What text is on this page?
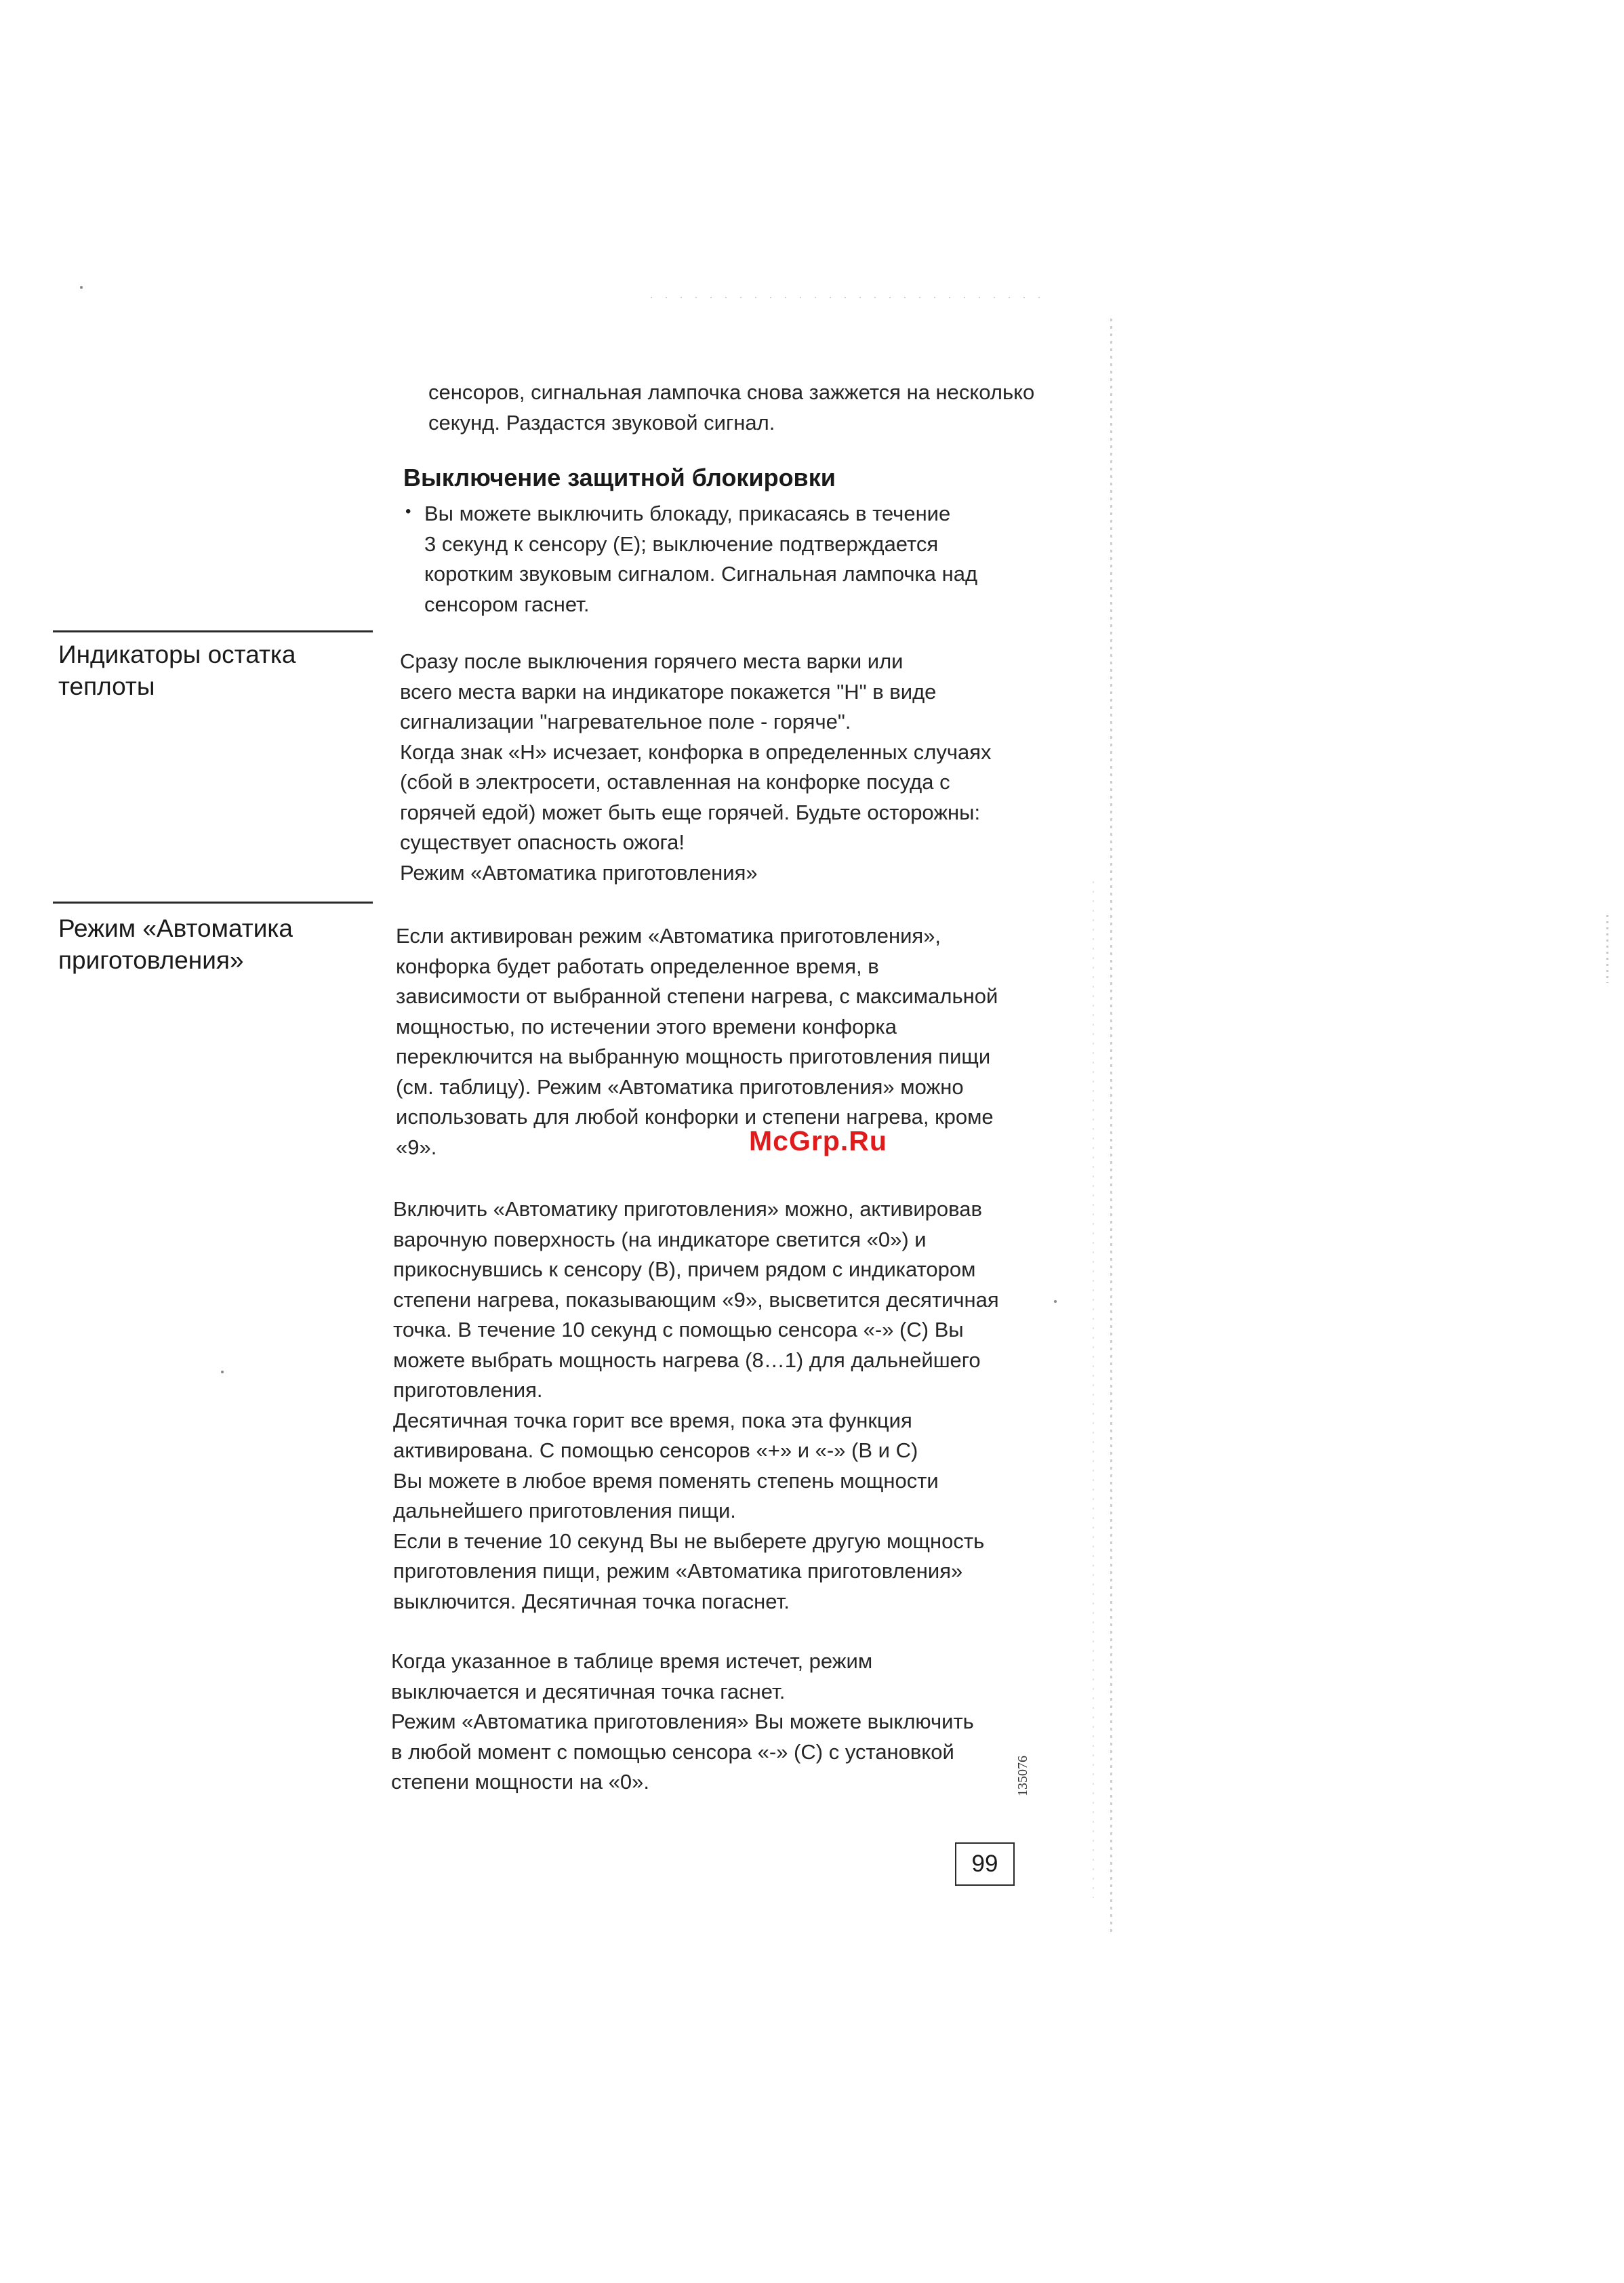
сенсоров, сигнальная лампочка снова зажжется на несколько
секунд. Раздастся звуковой сигнал.

Выключение защитной блокировки
• Вы можете выключить блокаду, прикасаясь в течение
3 секунд к сенсору (E); выключение подтверждается
коротким звуковым сигналом. Сигнальная лампочка над
сенсором гаснет.

Индикаторы остатка
теплоты

Сразу после выключения горячего места варки или
всего места варки на индикаторе покажется "H" в виде
сигнализации "нагревательное поле - горяче".
Когда знак «H» исчезает, конфорка в определенных случаях
(сбой в электросети, оставленная на конфорке посуда с
горячей едой) может быть еще горячей. Будьте осторожны:
существует опасность ожога!
Режим «Автоматика приготовления»

Режим «Автоматика
приготовления»

Если активирован режим «Автоматика приготовления»,
конфорка будет работать определенное время, в
зависимости от выбранной степени нагрева, с максимальной
мощностью, по истечении этого времени конфорка
переключится на выбранную мощность приготовления пищи
(см. таблицу). Режим «Автоматика приготовления» можно
использовать для любой конфорки и степени нагрева, кроме
«9».	McGrp.Ru

Включить «Автоматику приготовления» можно, активировав
варочную поверхность (на индикаторе светится «0») и
прикоснувшись к сенсору (B), причем рядом с индикатором
степени нагрева, показывающим «9», высветится десятичная
точка. В течение 10 секунд с помощью сенсора «-» (C) Вы
можете выбрать мощность нагрева (8…1) для дальнейшего
приготовления.
Десятичная точка горит все время, пока эта функция
активирована. С помощью сенсоров «+» и «-» (B и C)
Вы можете в любое время поменять степень мощности
дальнейшего приготовления пищи.
Если в течение 10 секунд Вы не выберете другую мощность
приготовления пищи, режим «Автоматика приготовления»
выключится. Десятичная точка погаснет.

Когда указанное в таблице время истечет, режим
выключается и десятичная точка гаснет.
Режим «Автоматика приготовления» Вы можете выключить
в любой момент с помощью сенсора «-» (C) с установкой
степени мощности на «0».	135076
99
